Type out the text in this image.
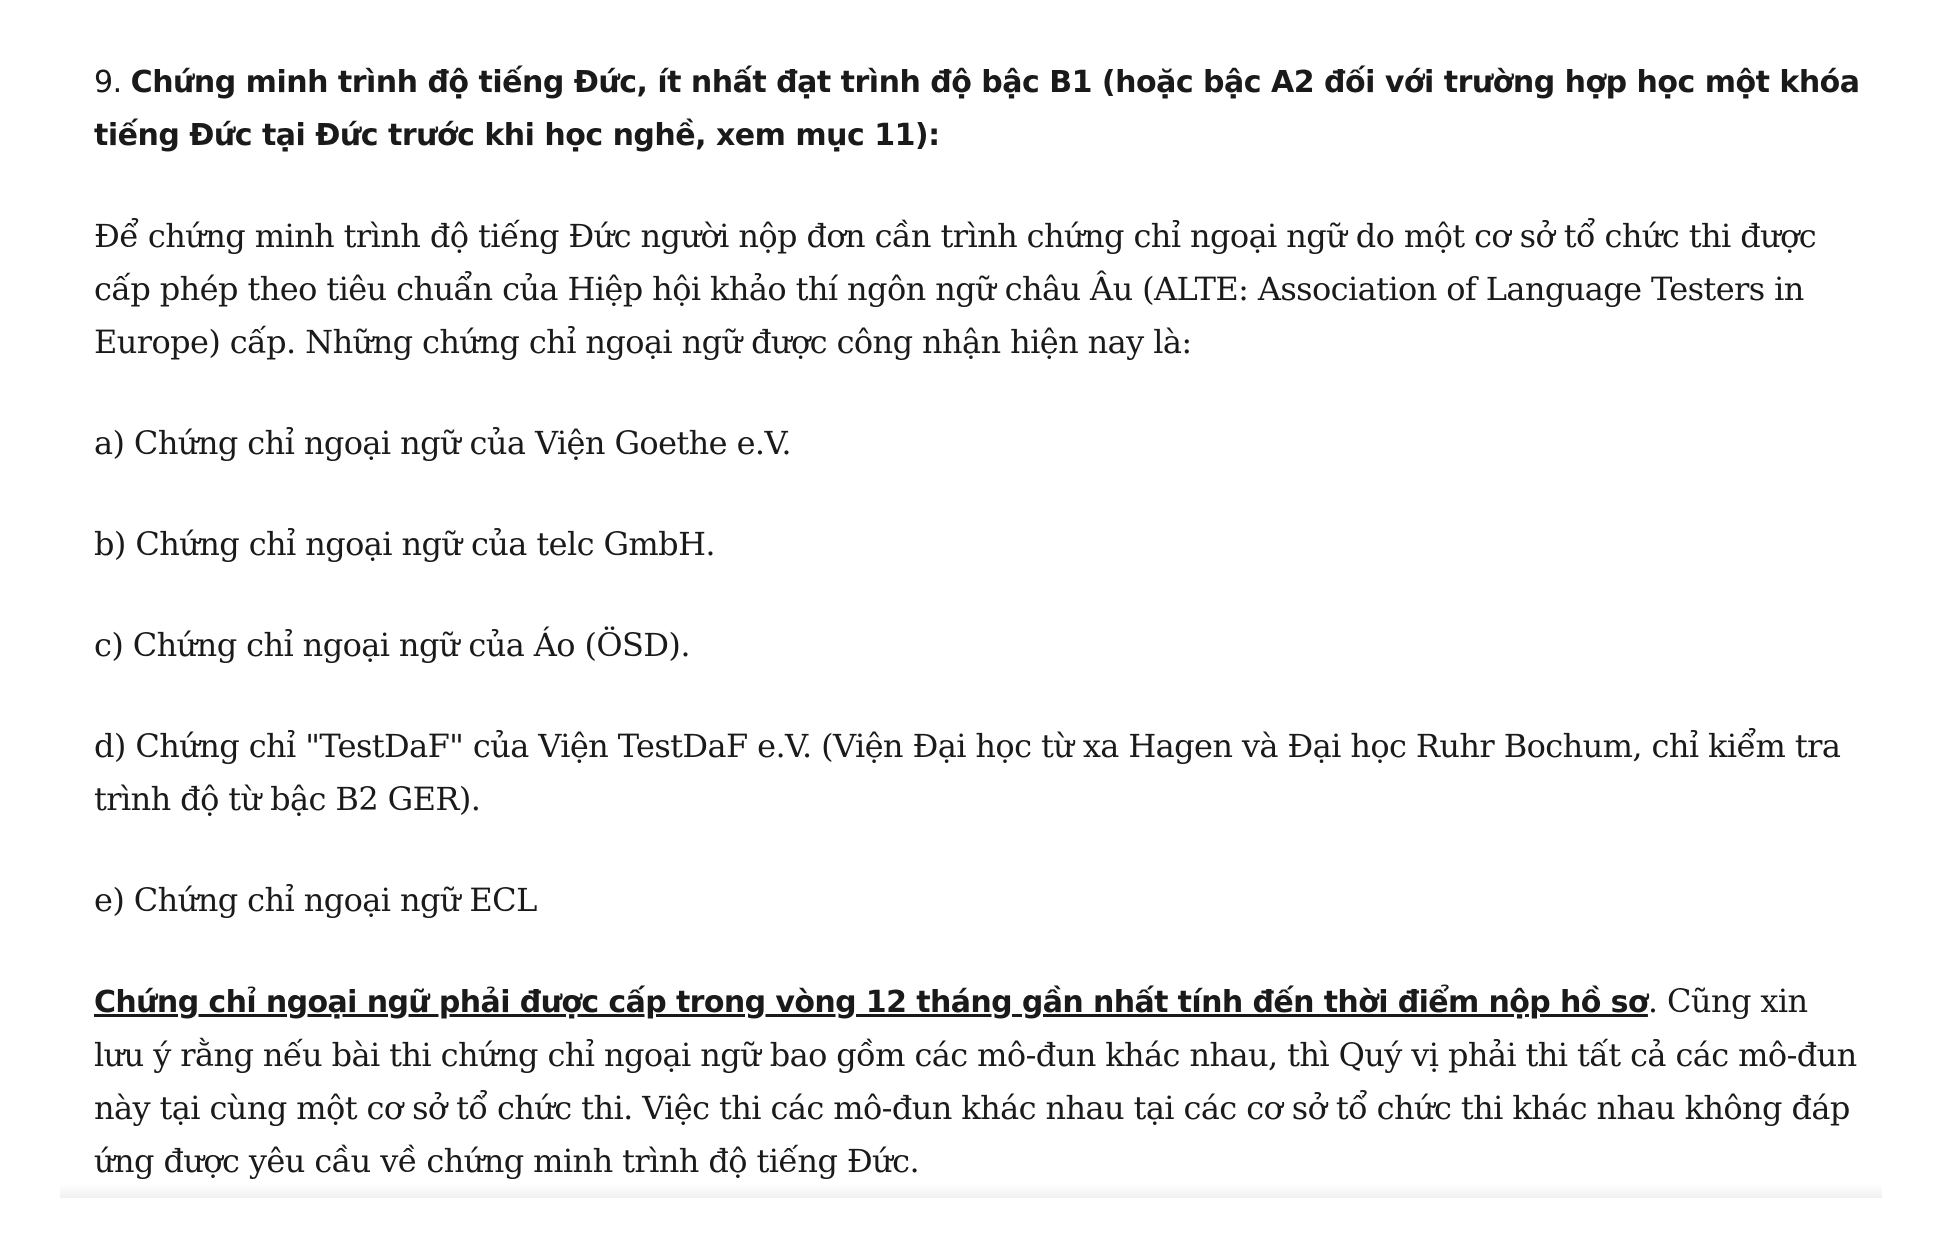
9. Chứng minh trình độ tiếng Đức, ít nhất đạt trình độ bậc B1 (hoặc bậc A2 đối với trường hợp học một khóa tiếng Đức tại Đức trước khi học nghề, xem mục 11):

Để chứng minh trình độ tiếng Đức người nộp đơn cần trình chứng chỉ ngoại ngữ do một cơ sở tổ chức thi được cấp phép theo tiêu chuẩn của Hiệp hội khảo thí ngôn ngữ châu Âu (ALTE: Association of Language Testers in Europe) cấp. Những chứng chỉ ngoại ngữ được công nhận hiện nay là:

a) Chứng chỉ ngoại ngữ của Viện Goethe e.V.

b) Chứng chỉ ngoại ngữ của telc GmbH.

c) Chứng chỉ ngoại ngữ của Áo (ÖSD).

d) Chứng chỉ "TestDaF" của Viện TestDaF e.V. (Viện Đại học từ xa Hagen và Đại học Ruhr Bochum, chỉ kiểm tra trình độ từ bậc B2 GER).

e) Chứng chỉ ngoại ngữ ECL

Chứng chỉ ngoại ngữ phải được cấp trong vòng 12 tháng gần nhất tính đến thời điểm nộp hồ sơ. Cũng xin lưu ý rằng nếu bài thi chứng chỉ ngoại ngữ bao gồm các mô-đun khác nhau, thì Quý vị phải thi tất cả các mô-đun này tại cùng một cơ sở tổ chức thi. Việc thi các mô-đun khác nhau tại các cơ sở tổ chức thi khác nhau không đáp ứng được yêu cầu về chứng minh trình độ tiếng Đức.
